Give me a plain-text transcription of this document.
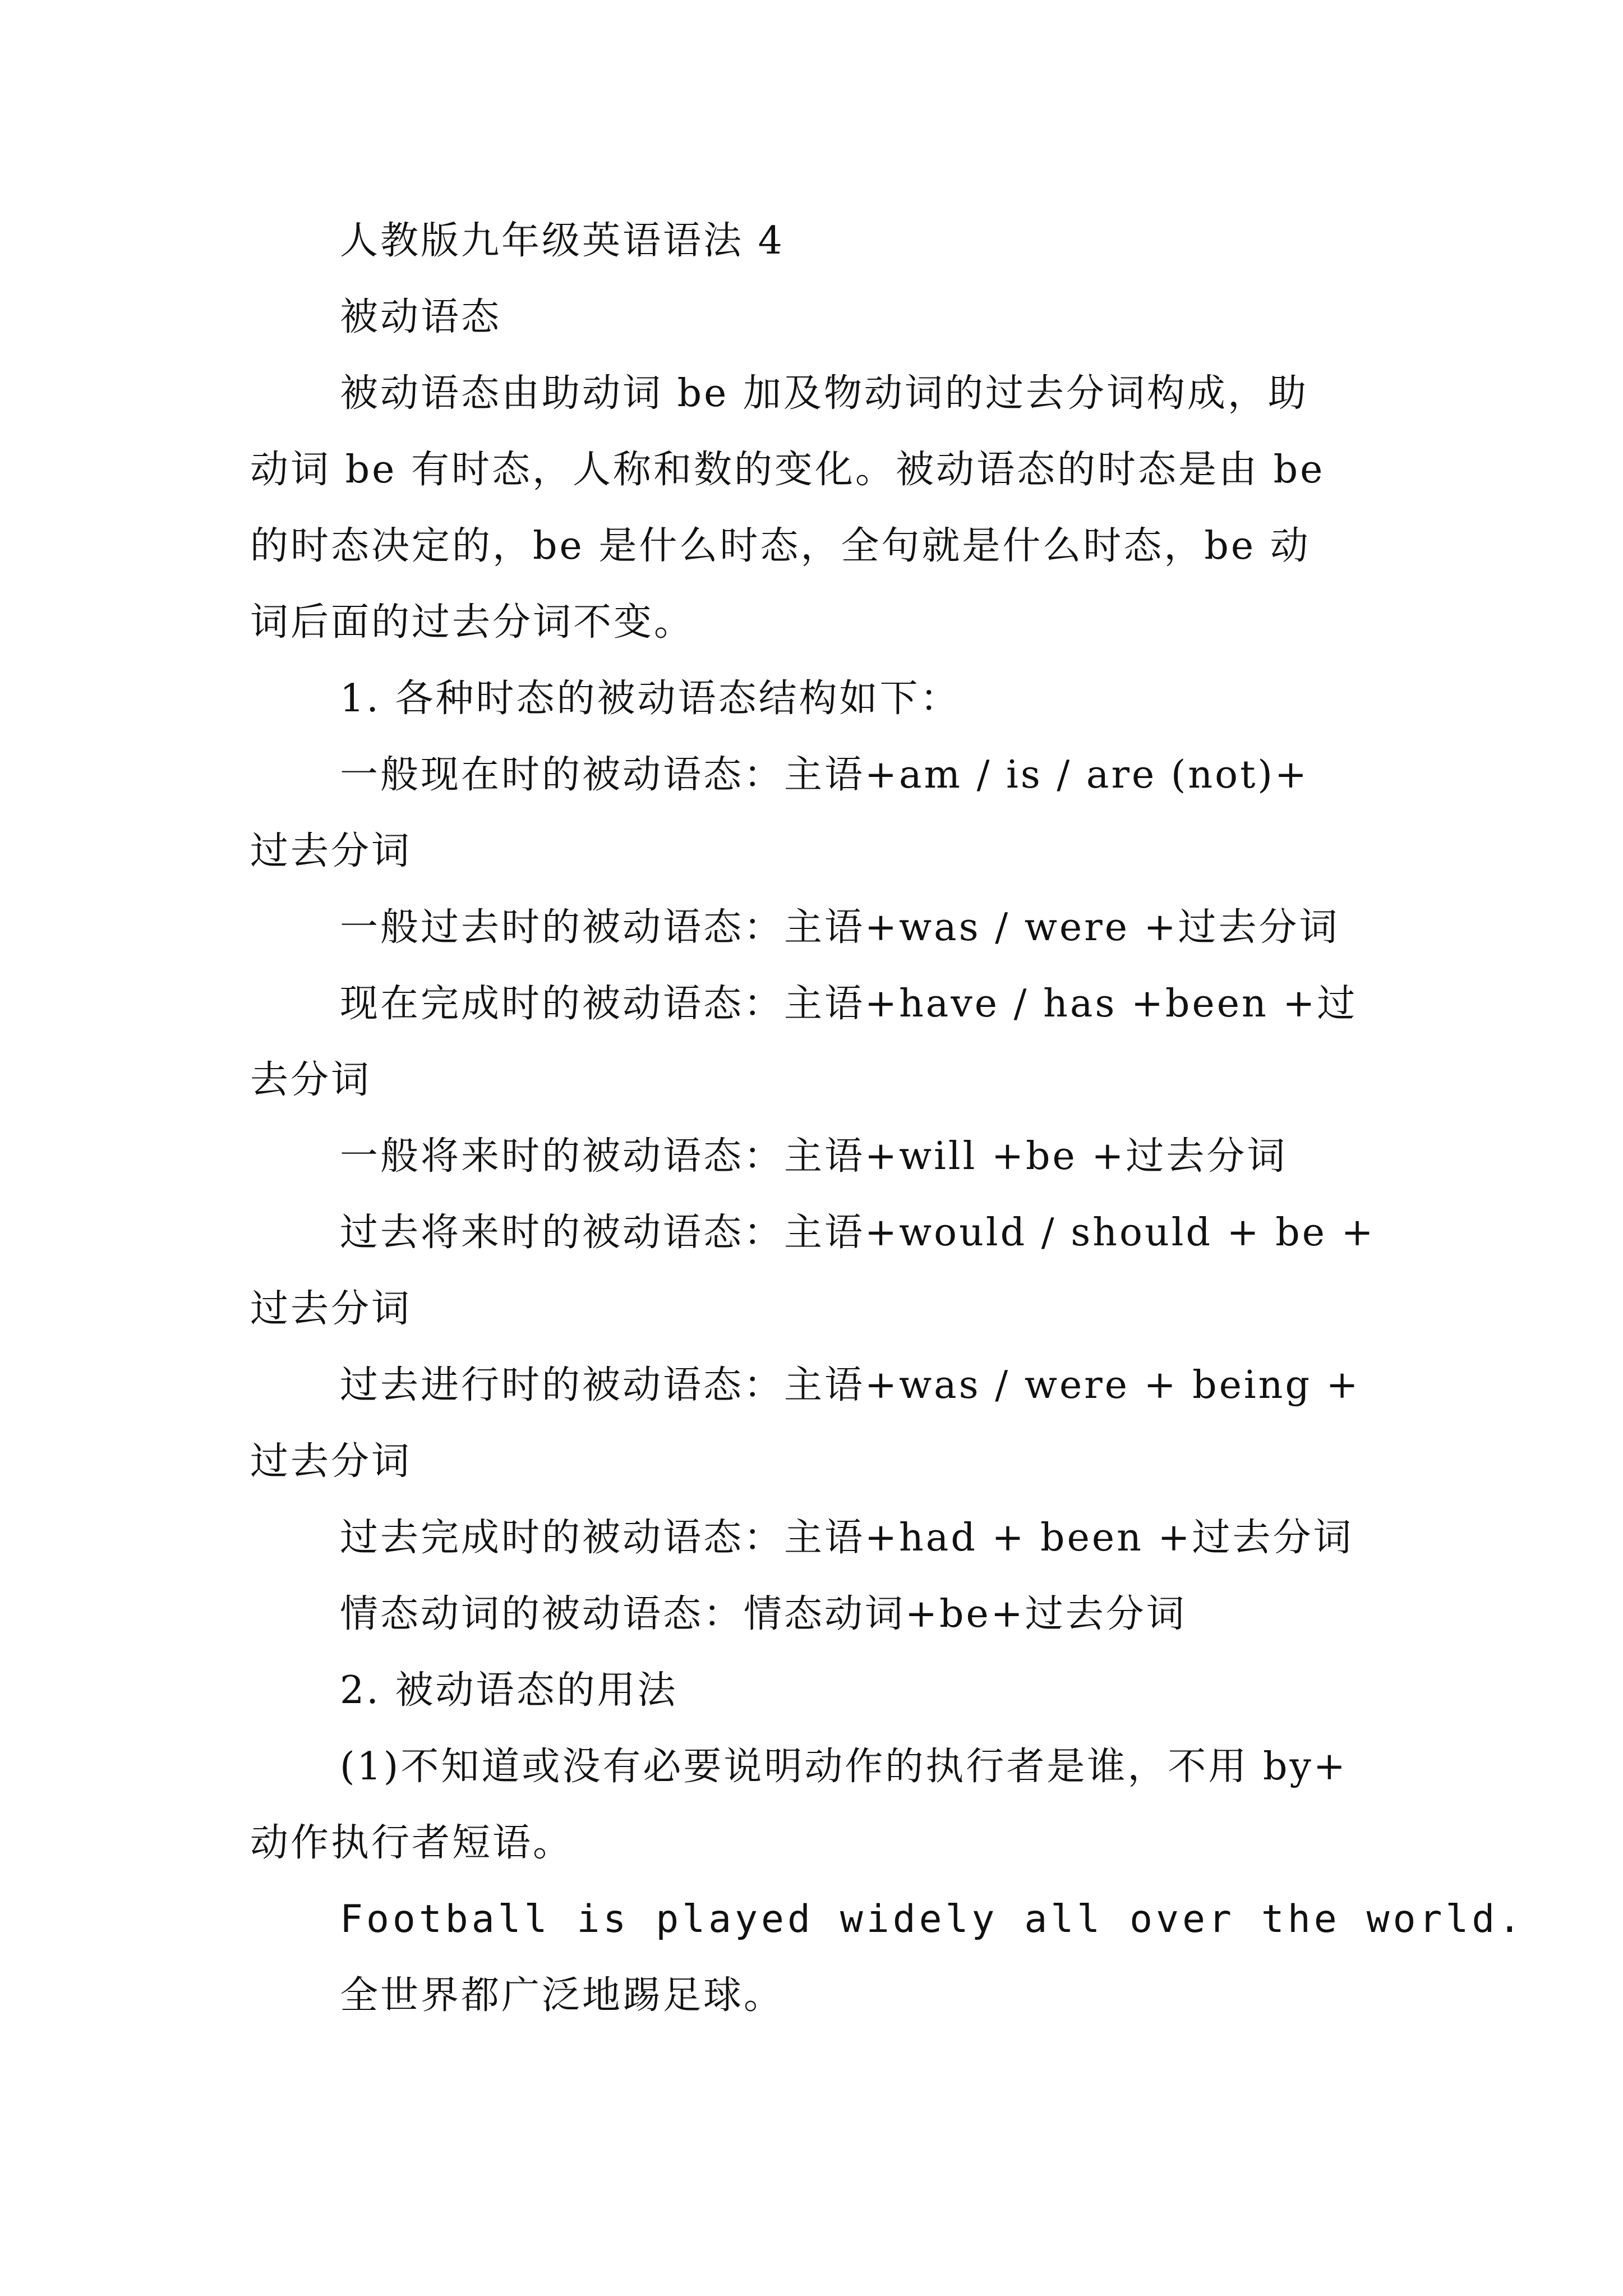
人教版九年级英语语法 4
被动语态
被动语态由助动词 be 加及物动词的过去分词构成，助
动词 be 有时态，人称和数的变化。被动语态的时态是由 be
的时态决定的，be 是什么时态，全句就是什么时态，be 动
词后面的过去分词不变。
1. 各种时态的被动语态结构如下：
一般现在时的被动语态：主语+am / is / are (not)+
过去分词
一般过去时的被动语态：主语+was / were +过去分词
现在完成时的被动语态：主语+have / has +been +过
去分词
一般将来时的被动语态：主语+will +be +过去分词
过去将来时的被动语态：主语+would / should + be +
过去分词
过去进行时的被动语态：主语+was / were + being +
过去分词
过去完成时的被动语态：主语+had + been +过去分词
情态动词的被动语态：情态动词+be+过去分词
2. 被动语态的用法
(1)不知道或没有必要说明动作的执行者是谁，不用 by+
动作执行者短语。
Football is played widely all over the world.
全世界都广泛地踢足球。
